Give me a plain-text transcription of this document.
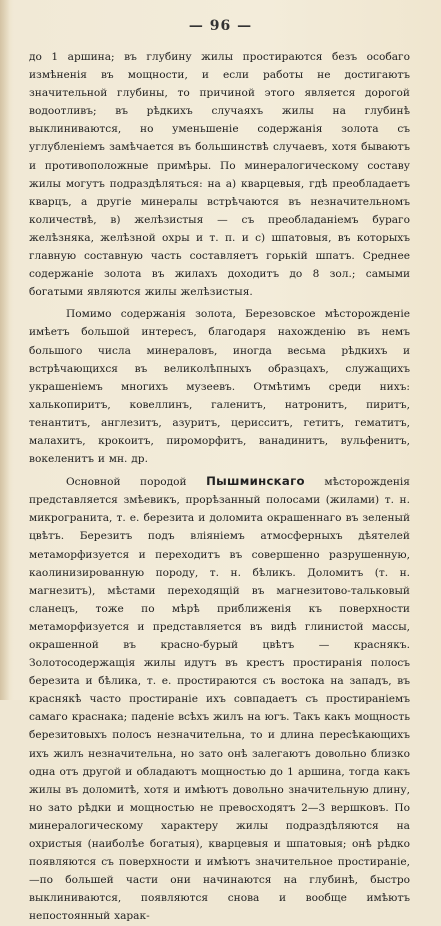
— 96 —

до 1 аршина; въ глубину жилы простираются безъ особаго измѣненія въ мощности, и если работы не достигаютъ значительной глубины, то причиной этого является дорогой водоотливъ; въ рѣдкихъ случаяхъ жилы на глубинѣ выклиниваются, но уменьшеніе содержанія золота съ углубленіемъ замѣчается въ большинствѣ случаевъ, хотя бываютъ и противоположные примѣры. По минералогическому составу жилы могутъ подраздѣляться: на а) кварцевыя, гдѣ преобладаетъ кварцъ, а другіе минералы встрѣчаются въ незначительномъ количествѣ, в) желѣзистыя — съ преобладаніемъ бураго желѣзняка, желѣзной охры и т. п. и с) шпатовыя, въ которыхъ главную составную часть составляетъ горькій шпатъ. Среднее содержаніе золота въ жилахъ доходитъ до 8 зол.; самыми богатыми являются жилы желѣзистыя.

Помимо содержанія золота, Березовское мѣсторожденіе имѣетъ большой интересъ, благодаря нахожденію въ немъ большого числа минераловъ, иногда весьма рѣдкихъ и встрѣчающихся въ великолѣпныхъ образцахъ, служащихъ украшеніемъ многихъ музеевъ. Отмѣтимъ среди нихъ: халькопиритъ, ковеллинъ, галенитъ, натронитъ, пиритъ, тенантитъ, англезитъ, азуритъ, церисситъ, гетитъ, гематитъ, малахитъ, крокоитъ, пироморфитъ, ванадинитъ, вульфенитъ, вокеленитъ и мн. др.

Основной породой Пышминскаго мѣсторожденія представляется змѣевикъ, прорѣзанный полосами (жилами) т. н. микрогранита, т. е. березита и доломита окрашеннаго въ зеленый цвѣтъ. Березитъ подъ вліяніемъ атмосферныхъ дѣятелей метаморфизуется и переходитъ въ совершенно разрушенную, каолинизированную породу, т. н. бѣликъ. Доломитъ (т. н. магнезитъ), мѣстами переходящій въ магнезитово-тальковый сланецъ, тоже по мѣрѣ приближенія къ поверхности метаморфизуется и представляется въ видѣ глинистой массы, окрашенной въ красно-бурый цвѣтъ — краснякъ. Золотосодержащія жилы идутъ въ крестъ простиранія полосъ березита и бѣлика, т. е. простираются съ востока на западъ, въ краснякѣ часто простираніе ихъ совпадаетъ съ простираніемъ самаго краснака; паденіе всѣхъ жилъ на югъ. Такъ какъ мощность березитовыхъ полосъ незначительна, то и длина пересѣкающихъ ихъ жилъ незначительна, но зато онѣ залегаютъ довольно близко одна отъ другой и обладаютъ мощностью до 1 аршина, тогда какъ жилы въ доломитѣ, хотя и имѣютъ довольно значительную длину, но зато рѣдки и мощностью не превосходятъ 2—3 вершковъ. По минералогическому характеру жилы подраздѣляются на охристыя (наиболѣе богатыя), кварцевыя и шпатовыя; онѣ рѣдко появляются съ поверхности и имѣютъ значительное простираніе,—по большей части они начинаются на глубинѣ, быстро выклиниваются, появляются снова и вообще имѣютъ непостоянный харак-
